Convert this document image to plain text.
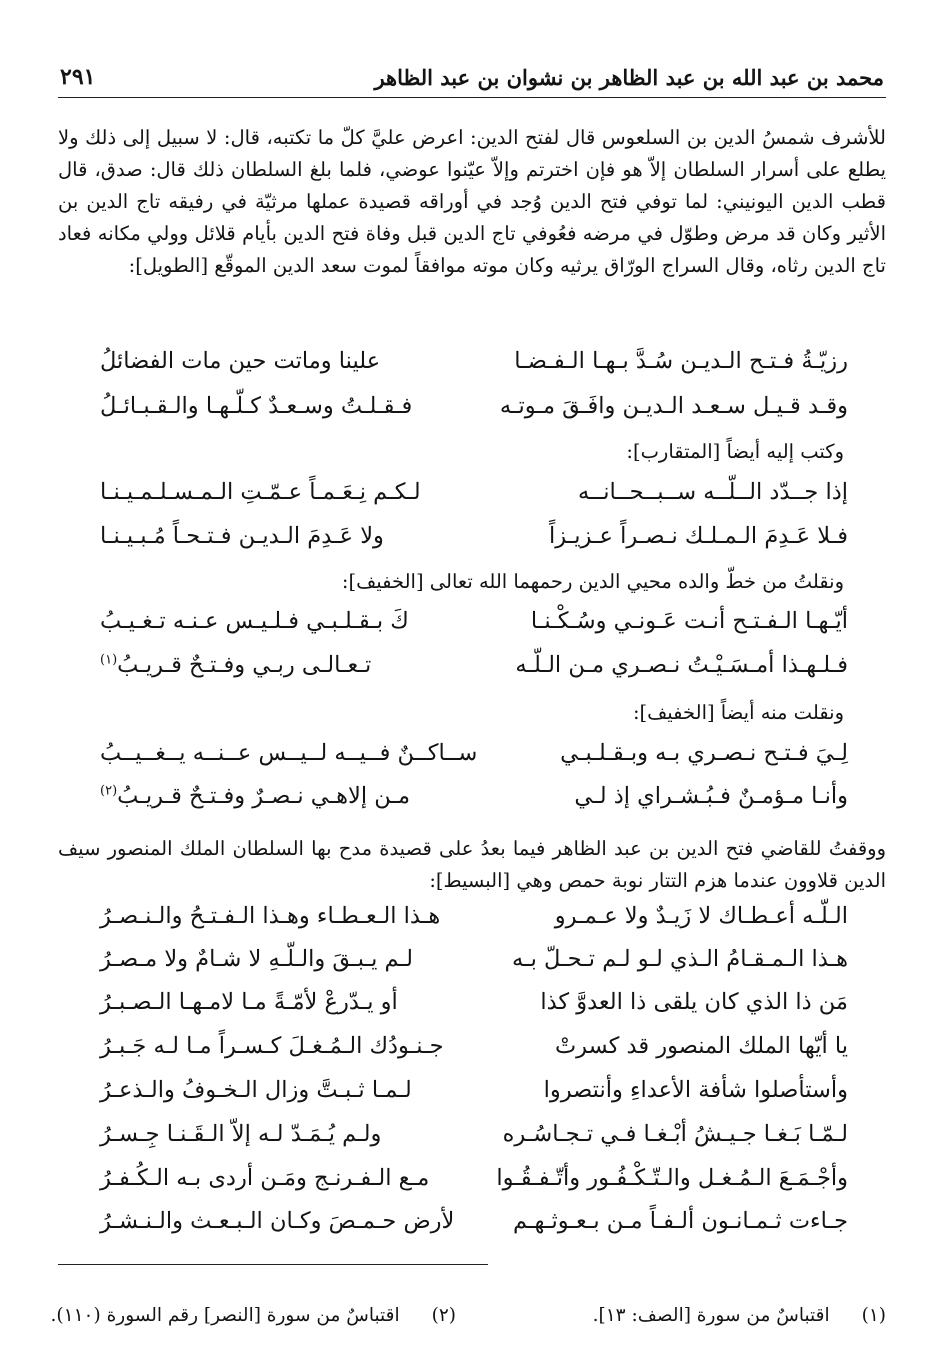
محمد بن عبد الله بن عبد الظاهر بن نشوان بن عبد الظاهر
٢٩١
للأشرف شمسُ الدين بن السلعوس قال لفتح الدين: اعرض عليَّ كلّ ما تكتبه، قال: لا سبيل إلى ذلك ولا يطلع على أسرار السلطان إلاّ هو فإن اخترتم وإلاّ عيّنوا عوضي، فلما بلغ السلطان ذلك قال: صدق، قال قطب الدين اليونيني: لما توفي فتح الدين وُجد في أوراقه قصيدة عملها مرثيّة في رفيقه تاج الدين بن الأثير وكان قد مرض وطوّل في مرضه فعُوفي تاج الدين قبل وفاة فتح الدين بأيام قلائل وولي مكانه فعاد تاج الدين رثاه، وقال السراج الورّاق يرثيه وكان موته موافقاً لموت سعد الدين الموقّع [الطويل]:
رزيّـةُ فـتـح الـديـن سُـدَّ بـهـا الـفـضـا
علينا وماتت حين مات الفضائلُ
وقـد قـيـل سـعـد الـديـن وافَـقَ مـوتـه
فـقـلـتُ وسـعـدٌ كـلّـهـا والـقـبـائـلُ
وكتب إليه أيضاً [المتقارب]:
إذا جــدّد الــلّــه ســبــحــانــه
لـكـم نِـعَـمـاً عـمّـتِ الـمـسـلـمـيـنـا
فـلا عَـدِمَ الـمـلـك نـصـراً عـزيـزاً
ولا عَـدِمَ الـديـن فـتـحـاً مُـبـيـنـا
ونقلتُ من خطّ والده محيي الدين رحمهما الله تعالى [الخفيف]:
أيّـهـا الـفـتـح أنـت عَـونـي وسُـكْـنـا
كَ بـقـلـبـي فـلـيـس عـنـه تـغـيـبُ
فـلـهـذا أمـسَـيْـتُ نـصـري مـن الـلّـه
تـعـالـى ربـي وفـتـحٌ قـريـبُ$^{(١)}$
ونقلت منه أيضاً [الخفيف]:
لِـيَ فـتـح نـصـري بـه وبـقـلـبـي
ســاكــنٌ فــيــه لــيــس عــنــه يــغــيــبُ
وأنـا مـؤمـنٌ فـبُـشـراي إذ لـي
مـن إلاهـي نـصـرٌ وفـتـحٌ قـريـبُ$^{(٢)}$
ووقفتُ للقاضي فتح الدين بن عبد الظاهر فيما بعدُ على قصيدة مدح بها السلطان الملك المنصور سيف الدين قلاوون عندما هزم التتار نوبة حمص وهي [البسيط]:
الـلّـه أعـطـاك لا زَيـدٌ ولا عـمـرو
هـذا الـعـطـاء وهـذا الـفـتـحُ والـنـصـرُ
هـذا الـمـقـامُ الـذي لـو لـم تـحـلّ بـه
لـم يـبـقَ والـلّـهِ لا شـامٌ ولا مـصـرُ
مَن ذا الذي كان يلقى ذا العدوَّ كذا
أو يـدّرعْ لأمّـةً مـا لامـهـا الـصـبـرُ
يا أيّها الملك المنصور قد كسرتْ
جـنـودُك الـمُـغـلَ كـسـراً مـا لـه جَـبـرُ
وأستأصلوا شأفة الأعداءِ وأنتصروا
لـمـا ثـبـتَّ وزال الـخـوفُ والـذعـرُ
لـمّـا بَـغـا جـيـشُ أبْـغـا فـي تـجـاسُـره
ولـم يُـمَـدّ لـه إلاّ الـقَـنـا جِـسـرُ
وأجْـمَـعَ الـمُـغـل والـتّـكْـفُـور وأتّـفـقُـوا
مـع الـفـرنـج ومَـن أردى بـه الـكُـفـرُ
جـاءت ثـمـانـون ألـفـاً مـن بـعـوثـهـم
لأرض حـمـصَ وكـان الـبـعـث والـنـشـرُ
(١)اقتباسٌ من سورة [الصف: ١٣].
(٢)اقتباسٌ من سورة [النصر] رقم السورة (١١٠).
